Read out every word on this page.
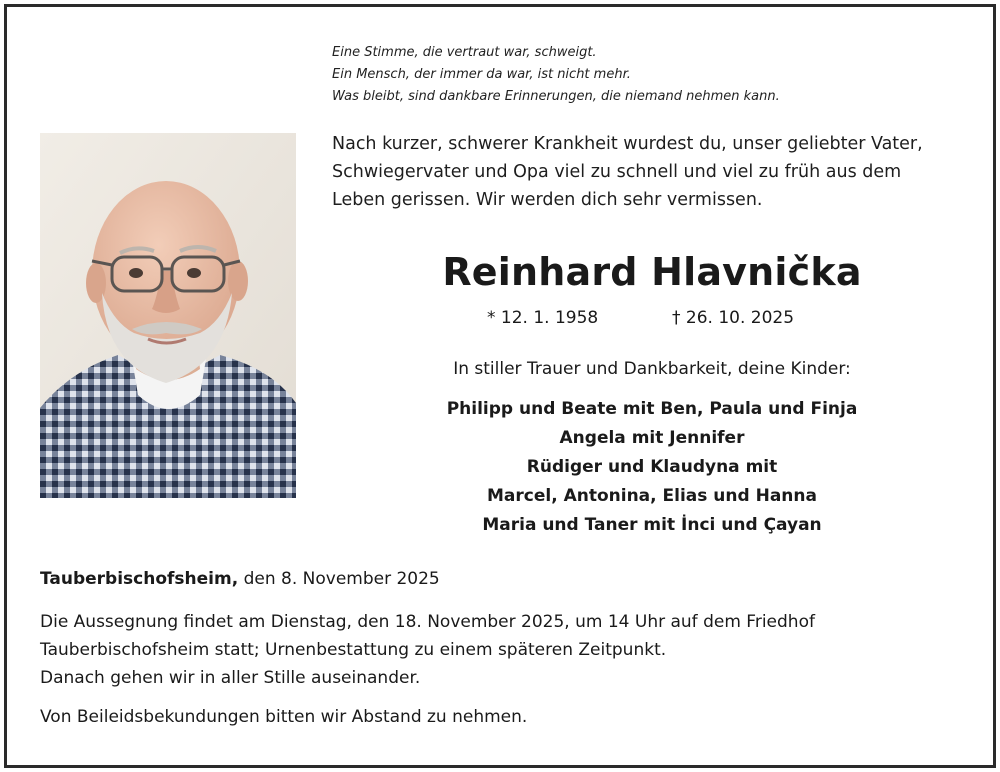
Eine Stimme, die vertraut war, schweigt.
Ein Mensch, der immer da war, ist nicht mehr.
Was bleibt, sind dankbare Erinnerungen, die niemand nehmen kann.
Nach kurzer, schwerer Krankheit wurdest du, unser geliebter Vater,
Schwiegervater und Opa viel zu schnell und viel zu früh aus dem
Leben gerissen. Wir werden dich sehr vermissen.
Reinhard Hlavnička
* 12. 1. 1958	† 26. 10. 2025
In stiller Trauer und Dankbarkeit, deine Kinder:
Philipp und Beate mit Ben, Paula und Finja
Angela mit Jennifer
Rüdiger und Klaudyna mit
Marcel, Antonina, Elias und Hanna
Maria und Taner mit İnci und Çayan
Tauberbischofsheim, den 8. November 2025
Die Aussegnung findet am Dienstag, den 18. November 2025, um 14 Uhr auf dem Friedhof
Tauberbischofsheim statt; Urnenbestattung zu einem späteren Zeitpunkt.
Danach gehen wir in aller Stille auseinander.
Von Beileidsbekundungen bitten wir Abstand zu nehmen.
